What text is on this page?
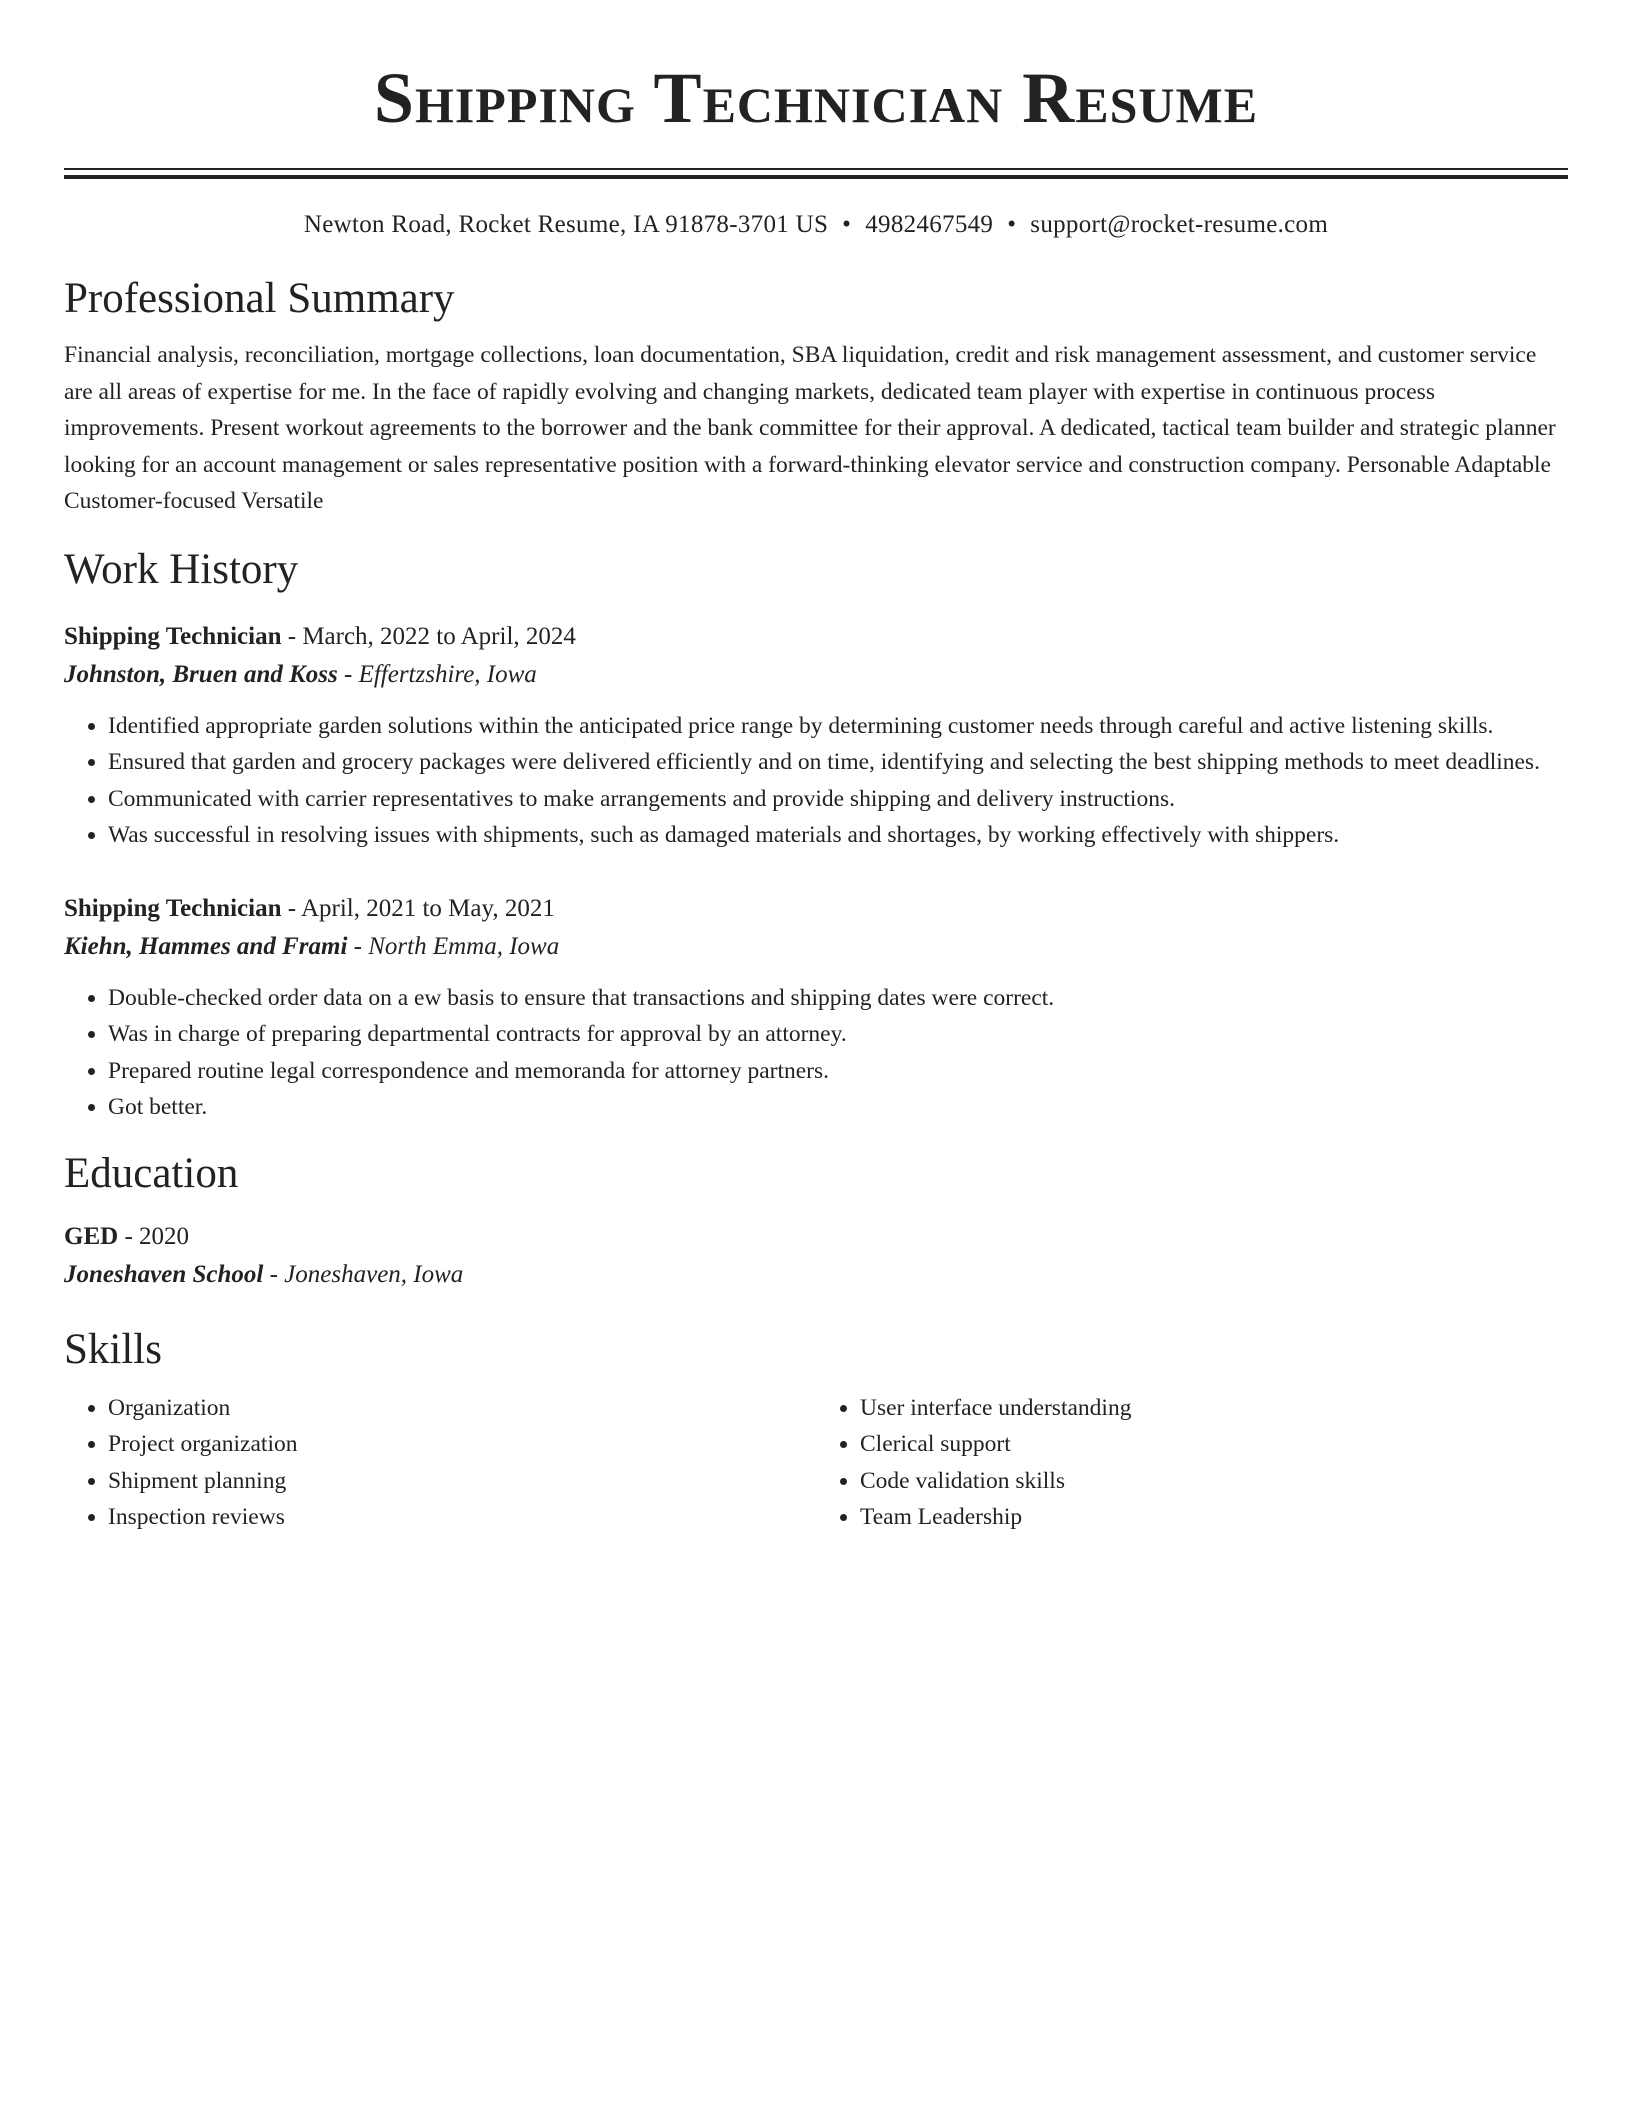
Shipping Technician Resume
Newton Road, Rocket Resume, IA 91878-3701 US • 4982467549 • support@rocket-resume.com
Professional Summary

Financial analysis, reconciliation, mortgage collections, loan documentation, SBA liquidation, credit and risk management assessment, and customer service are all areas of expertise for me. In the face of rapidly evolving and changing markets, dedicated team player with expertise in continuous process improvements. Present workout agreements to the borrower and the bank committee for their approval. A dedicated, tactical team builder and strategic planner looking for an account management or sales representative position with a forward-thinking elevator service and construction company. Personable Adaptable Customer-focused Versatile

Work History
Shipping Technician - March, 2022 to April, 2024
Johnston, Bruen and Koss - Effertzshire, Iowa
• Identified appropriate garden solutions within the anticipated price range by determining customer needs through careful and active listening skills.
• Ensured that garden and grocery packages were delivered efficiently and on time, identifying and selecting the best shipping methods to meet deadlines.
• Communicated with carrier representatives to make arrangements and provide shipping and delivery instructions.
• Was successful in resolving issues with shipments, such as damaged materials and shortages, by working effectively with shippers.
Shipping Technician - April, 2021 to May, 2021
Kiehn, Hammes and Frami - North Emma, Iowa
• Double-checked order data on a ew basis to ensure that transactions and shipping dates were correct.
• Was in charge of preparing departmental contracts for approval by an attorney.
• Prepared routine legal correspondence and memoranda for attorney partners.
• Got better.
Education
GED - 2020
Joneshaven School - Joneshaven, Iowa
Skills
• Organization
• Project organization
• Shipment planning
• Inspection reviews
• User interface understanding
• Clerical support
• Code validation skills
• Team Leadership
